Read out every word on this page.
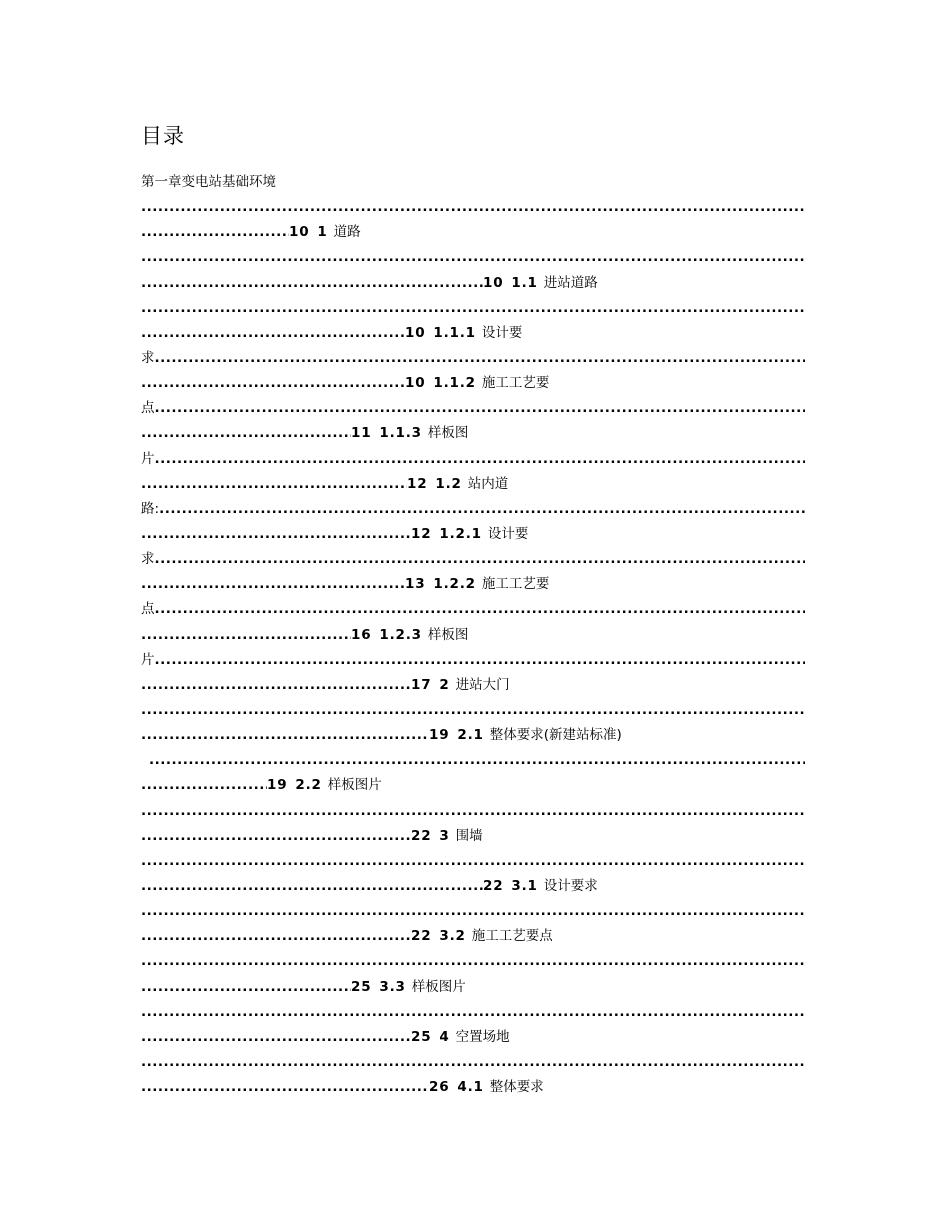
目录
第一章变电站基础环境
.....
.....
10 1 道路
.....
.....
10 1.1 进站道路
.....
.....
10 1.1.1 设计要
求
.....
.....
10 1.1.2 施工工艺要
点
.....
.....
11 1.1.3 样板图
片
.....
.....
12 1.2 站内道
路:
.....
.....
12 1.2.1 设计要
求
.....
.....
13 1.2.2 施工工艺要
点
.....
.....
16 1.2.3 样板图
片
.....
.....
17 2 进站大门
.....
.....
19 2.1 整体要求(新建站标准)
.....
.....
19 2.2 样板图片
.....
.....
22 3 围墙
.....
.....
22 3.1 设计要求
.....
.....
22 3.2 施工工艺要点
.....
.....
25 3.3 样板图片
.....
.....
25 4 空置场地
.....
.....
26 4.1 整体要求
